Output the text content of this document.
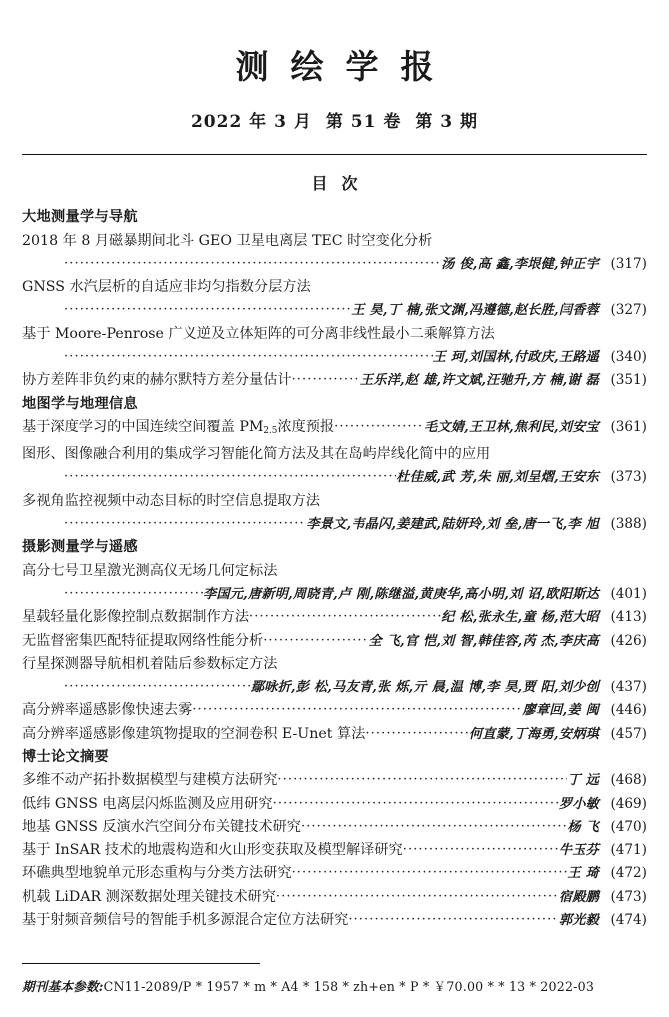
测绘学报
2022 年 3 月 第 51 卷 第 3 期
目次
大地测量学与导航
2018 年 8 月磁暴期间北斗 GEO 卫星电离层 TEC 时空变化分析
·····
汤 俊,高 鑫,李垠健,钟正宇 (317)
GNSS 水汽层析的自适应非均匀指数分层方法
·····
王 昊,丁 楠,张文渊,冯遵德,赵长胜,闫香蓉 (327)
基于 Moore-Penrose 广义逆及立体矩阵的可分离非线性最小二乘解算方法
·····
王 珂,刘国林,付政庆,王路遥 (340)
协方差阵非负约束的赫尔默特方差分量估计 ·····	王乐洋,赵 雄,许文斌,汪驰升,方 楠,谢 磊 (351)
地图学与地理信息
基于深度学习的中国连续空间覆盖 $PM_{2.5}$浓度预报 ·····	毛文婧,王卫林,焦利民,刘安宝 (361)
图形、图像融合利用的集成学习智能化简方法及其在岛屿岸线化简中的应用
·····
杜佳威,武 芳,朱 丽,刘呈熠,王安东 (373)
多视角监控视频中动态目标的时空信息提取方法
·····
李景文,韦晶闪,姜建武,陆妍玲,刘 垒,唐一飞,李 旭 (388)
摄影测量学与遥感
高分七号卫星激光测高仪无场几何定标法
·····
李国元,唐新明,周晓青,卢 刚,陈继溢,黄庚华,高小明,刘 诏,欧阳斯达 (401)
星载轻量化影像控制点数据制作方法 ·····	纪 松,张永生,童 杨,范大昭 (413)
无监督密集匹配特征提取网络性能分析 ·····	全 飞,官 恺,刘 智,韩佳容,芮 杰,李庆高 (426)
行星探测器导航相机着陆后参数标定方法
·····
鄢咏折,彭 松,马友青,张 烁,亓 晨,温 博,李 昊,贾 阳,刘少创 (437)
高分辨率遥感影像快速去雾 ·····	廖章回,姜 闽 (446)
高分辨率遥感影像建筑物提取的空洞卷积 E-Unet 算法 ·····	何直蒙,丁海勇,安炳琪 (457)
博士论文摘要
多维不动产拓扑数据模型与建模方法研究 ·····	丁 远 (468)
低纬 GNSS 电离层闪烁监测及应用研究 ·····	罗小敏 (469)
地基 GNSS 反演水汽空间分布关键技术研究 ·····	杨 飞 (470)
基于 InSAR 技术的地震构造和火山形变获取及模型解译研究 ·····	牛玉芬 (471)
环礁典型地貌单元形态重构与分类方法研究 ·····	王 琦 (472)
机载 LiDAR 测深数据处理关键技术研究 ·····	宿殿鹏 (473)
基于射频音频信号的智能手机多源混合定位方法研究 ·····	郭光毅 (474)
期刊基本参数:CN11-2089/P * 1957 * m * A4 * 158 * zh+en * P * ￥70.00 * * 13 * 2022-03
